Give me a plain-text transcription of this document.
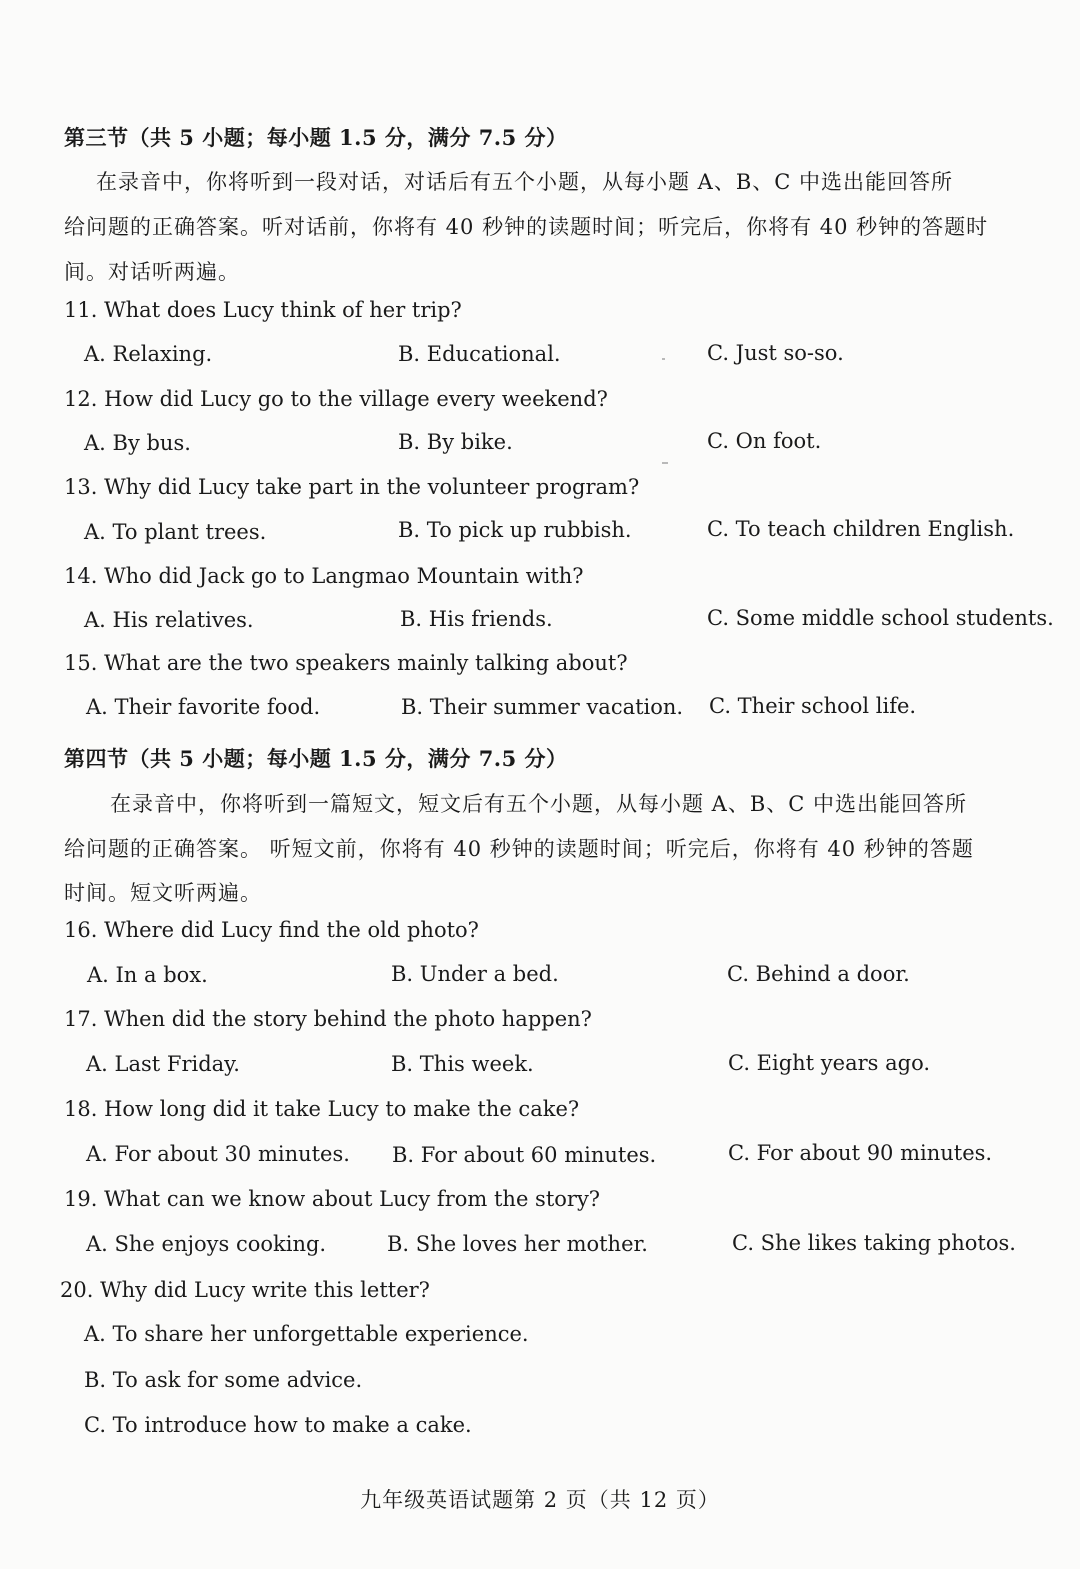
第三节（共 5 小题；每小题 1.5 分，满分 7.5 分）
在录音中，你将听到一段对话，对话后有五个小题，从每小题 A、B、C 中选出能回答所
给问题的正确答案。听对话前，你将有 40 秒钟的读题时间；听完后，你将有 40 秒钟的答题时
间。对话听两遍。
11. What does Lucy think of her trip?
A. Relaxing.	B. Educational.	C. Just so-so.
12. How did Lucy go to the village every weekend?
A. By bus.	B. By bike.	C. On foot.
13. Why did Lucy take part in the volunteer program?
A. To plant trees.	B. To pick up rubbish.	C. To teach children English.
14. Who did Jack go to Langmao Mountain with?
A. His relatives.	B. His friends.	C. Some middle school students.
15. What are the two speakers mainly talking about?
A. Their favorite food.	B. Their summer vacation. C. Their school life.
第四节（共 5 小题；每小题 1.5 分，满分 7.5 分）
在录音中，你将听到一篇短文，短文后有五个小题，从每小题 A、B、C 中选出能回答所
给问题的正确答案。 听短文前，你将有 40 秒钟的读题时间；听完后，你将有 40 秒钟的答题
时间。短文听两遍。
16. Where did Lucy find the old photo?
A. In a box.	B. Under a bed.	C. Behind a door.
17. When did the story behind the photo happen?
A. Last Friday.	B. This week.	C. Eight years ago.
18. How long did it take Lucy to make the cake?
A. For about 30 minutes. B. For about 60 minutes.	C. For about 90 minutes.
19. What can we know about Lucy from the story?
A. She enjoys cooking.	B. She loves her mother.	C. She likes taking photos.
20. Why did Lucy write this letter?
A. To share her unforgettable experience.
B. To ask for some advice.
C. To introduce how to make a cake.
九年级英语试题第 2 页（共 12 页）
